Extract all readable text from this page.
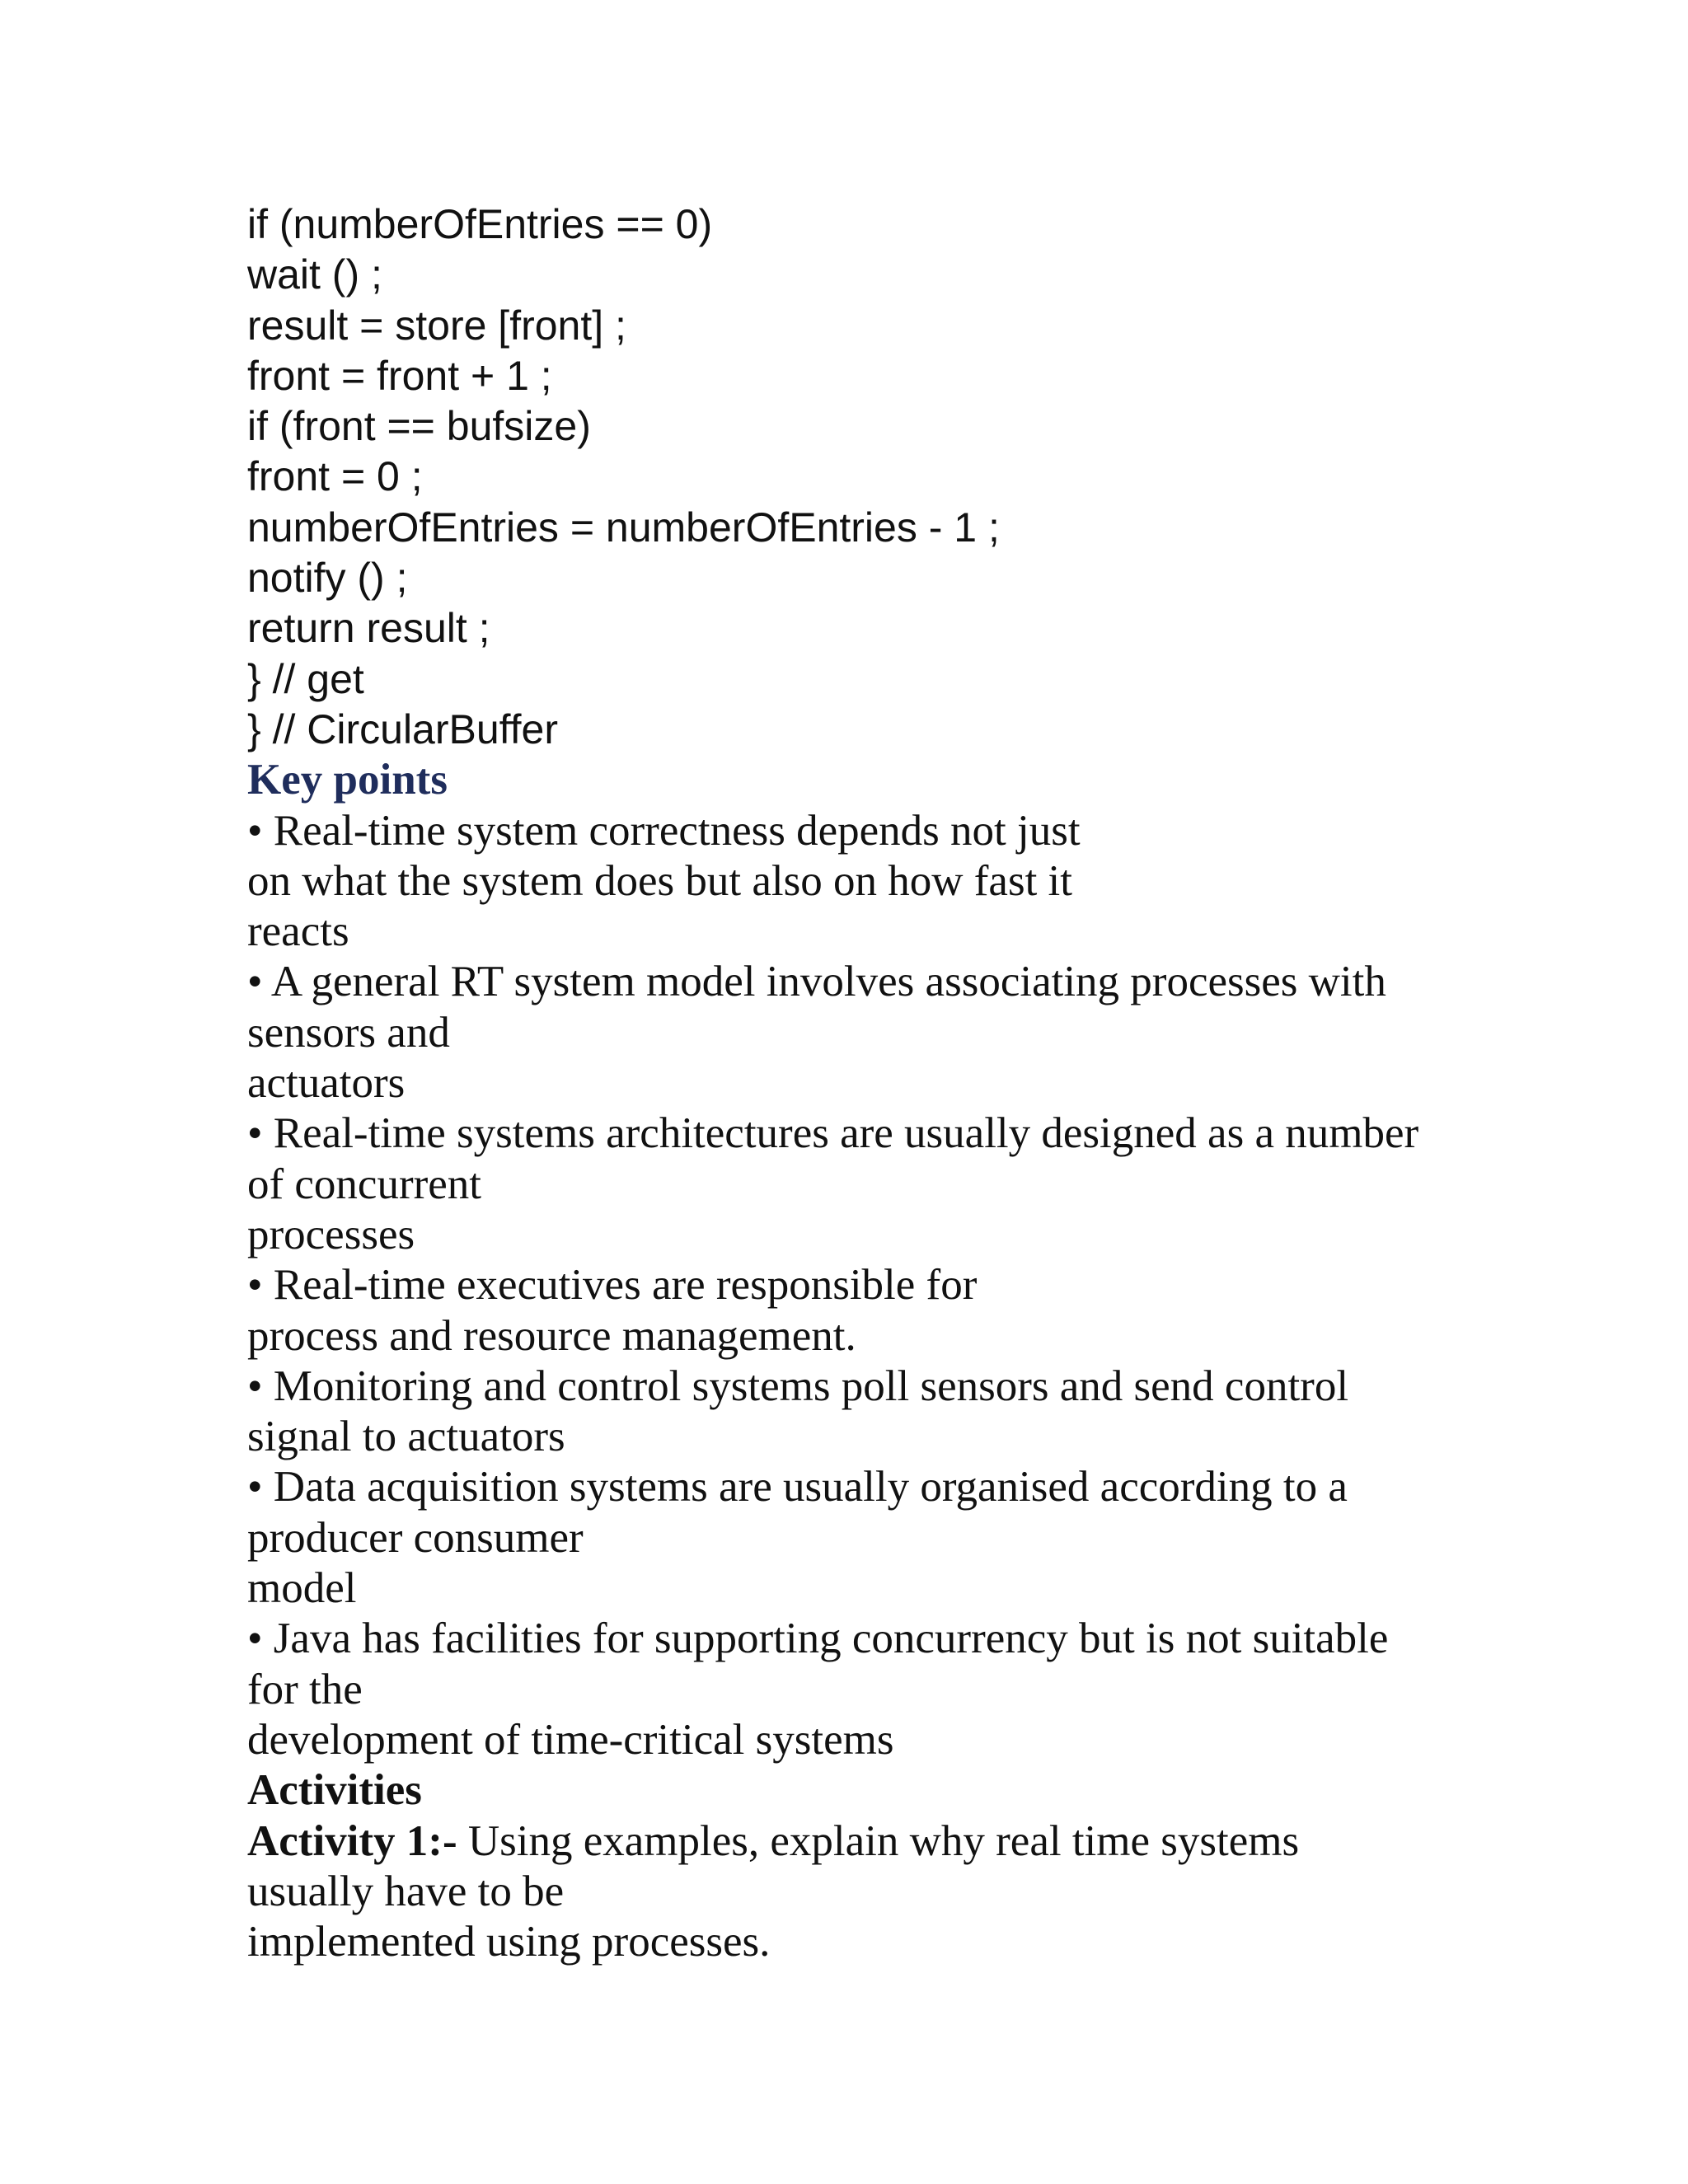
if (numberOfEntries == 0)
wait () ;
result = store [front] ;
front = front + 1 ;
if (front == bufsize)
front = 0 ;
numberOfEntries = numberOfEntries - 1 ;
notify () ;
return result ;
} // get
} // CircularBuffer
Key points
• Real-time system correctness depends not just
on what the system does but also on how fast it
reacts
• A general RT system model involves associating processes with
sensors and
actuators
• Real-time systems architectures are usually designed as a number
of concurrent
processes
• Real-time executives are responsible for
process and resource management.
• Monitoring and control systems poll sensors and send control
signal to actuators
• Data acquisition systems are usually organised according to a
producer consumer
model
• Java has facilities for supporting concurrency but is not suitable
for the
development of time-critical systems
Activities
Activity 1:- Using examples, explain why real time systems
usually have to be
implemented using processes.
